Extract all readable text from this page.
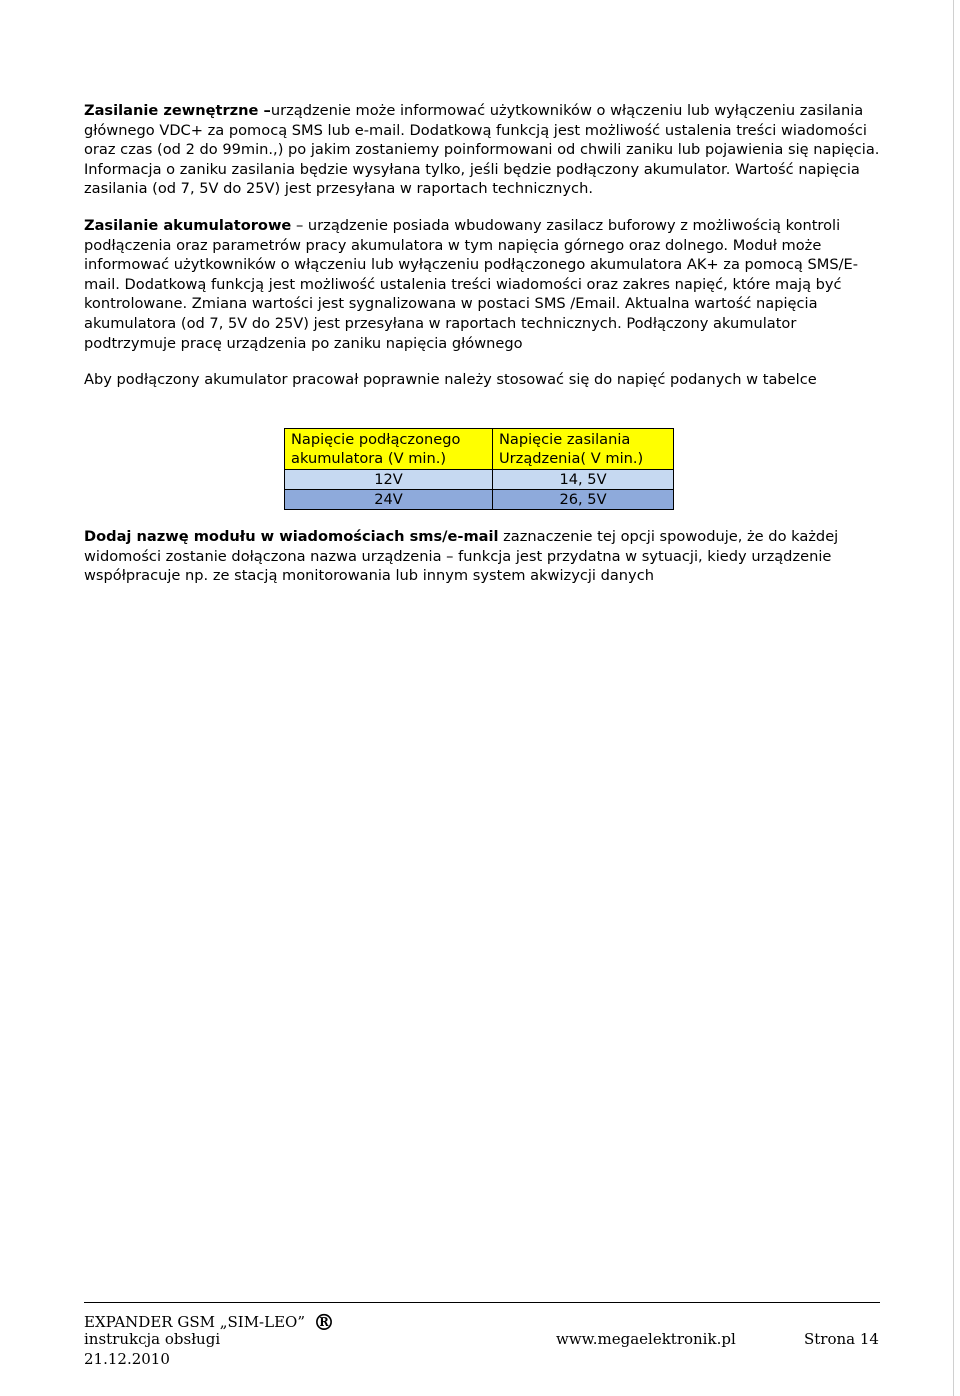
Zasilanie zewnętrzne –urządzenie może informować użytkowników o włączeniu lub wyłączeniu zasilania głównego VDC+ za pomocą SMS lub e-mail. Dodatkową funkcją jest możliwość ustalenia treści wiadomości oraz czas (od 2 do 99min.,) po jakim zostaniemy poinformowani od chwili zaniku lub pojawienia się napięcia. Informacja o zaniku zasilania będzie wysyłana tylko, jeśli będzie podłączony akumulator. Wartość napięcia zasilania (od 7, 5V do 25V) jest przesyłana w raportach technicznych.

Zasilanie akumulatorowe – urządzenie posiada wbudowany zasilacz buforowy z możliwością kontroli podłączenia oraz parametrów pracy akumulatora w tym napięcia górnego oraz dolnego. Moduł może informować użytkowników o włączeniu lub wyłączeniu podłączonego akumulatora AK+ za pomocą SMS/E-mail. Dodatkową funkcją jest możliwość ustalenia treści wiadomości oraz zakres napięć, które mają być kontrolowane. Zmiana wartości jest sygnalizowana w postaci SMS /Email. Aktualna wartość napięcia akumulatora (od 7, 5V do 25V) jest przesyłana w raportach technicznych. Podłączony akumulator podtrzymuje pracę urządzenia po zaniku napięcia głównego

Aby podłączony akumulator pracował poprawnie należy stosować się do napięć podanych w tabelce

Napięcie podłączonego akumulatora (V min.)	Napięcie zasilania Urządzenia( V min.)
12V	14, 5V
24V	26, 5V

Dodaj nazwę modułu w wiadomościach sms/e-mail zaznaczenie tej opcji spowoduje, że do każdej widomości zostanie dołączona nazwa urządzenia – funkcja jest przydatna w sytuacji, kiedy urządzenie współpracuje np. ze stacją monitorowania lub innym system akwizycji danych

EXPANDER GSM „SIM-LEO” ®
instrukcja obsługi
21.12.2010
www.megaelektronik.pl	Strona 14
